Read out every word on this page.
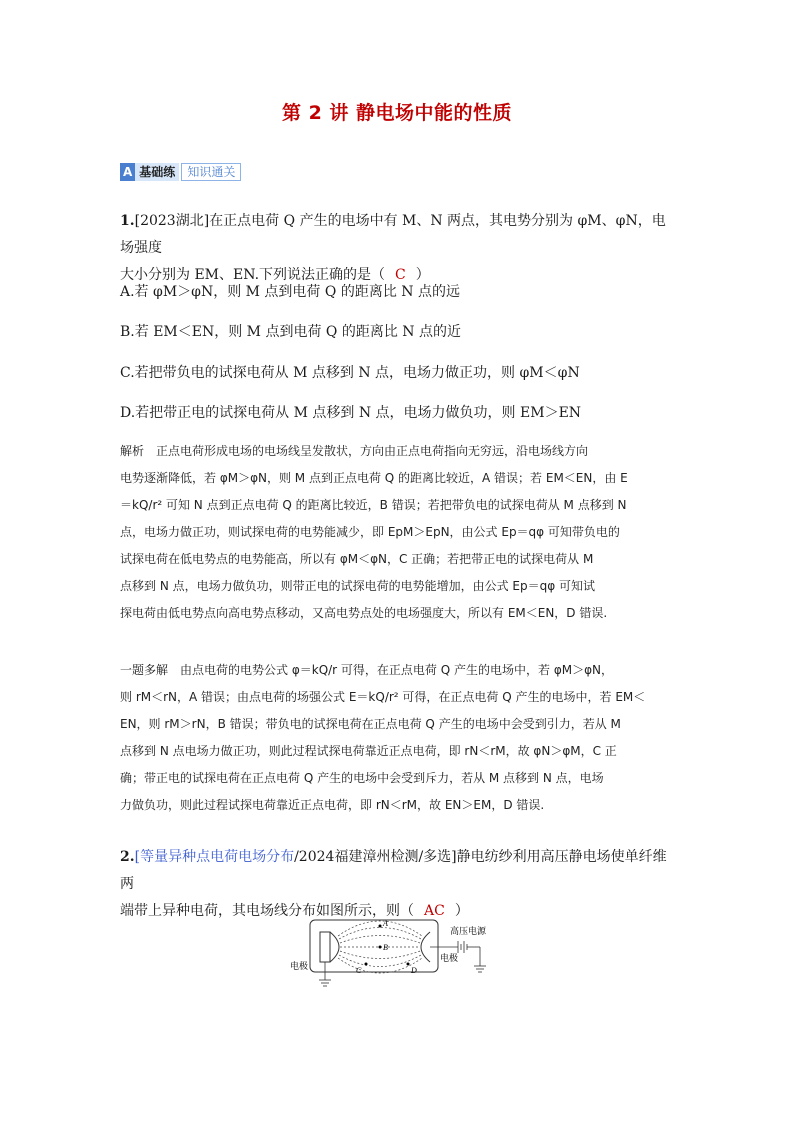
第 2 讲 静电场中能的性质
A 基础练	知识通关
1.[2023湖北]在正点电荷 Q 产生的电场中有 M、N 两点，其电势分别为 φM、φN，电场强度
大小分别为 EM、EN.下列说法正确的是（ C ）
A.若 φM＞φN，则 M 点到电荷 Q 的距离比 N 点的远
B.若 EM＜EN，则 M 点到电荷 Q 的距离比 N 点的近
C.若把带负电的试探电荷从 M 点移到 N 点，电场力做正功，则 φM＜φN
D.若把带正电的试探电荷从 M 点移到 N 点，电场力做负功，则 EM＞EN
解析 正点电荷形成电场的电场线呈发散状，方向由正点电荷指向无穷远，沿电场线方向
电势逐渐降低，若 φM＞φN，则 M 点到正点电荷 Q 的距离比较近，A 错误；若 EM＜EN，由 E
＝kQ/r² 可知 N 点到正点电荷 Q 的距离比较近，B 错误；若把带负电的试探电荷从 M 点移到 N
点，电场力做正功，则试探电荷的电势能减少，即 EpM＞EpN，由公式 Ep＝qφ 可知带负电的
试探电荷在低电势点的电势能高，所以有 φM＜φN，C 正确；若把带正电的试探电荷从 M
点移到 N 点，电场力做负功，则带正电的试探电荷的电势能增加，由公式 Ep＝qφ 可知试
探电荷由低电势点向高电势点移动，又高电势点处的电场强度大，所以有 EM＜EN，D 错误.
一题多解 由点电荷的电势公式 φ＝kQ/r 可得，在正点电荷 Q 产生的电场中，若 φM＞φN，
则 rM＜rN，A 错误；由点电荷的场强公式 E＝kQ/r² 可得，在正点电荷 Q 产生的电场中，若 EM＜
EN，则 rM＞rN，B 错误；带负电的试探电荷在正点电荷 Q 产生的电场中会受到引力，若从 M
点移到 N 点电场力做正功，则此过程试探电荷靠近正点电荷，即 rN＜rM，故 φN＞φM，C 正
确；带正电的试探电荷在正点电荷 Q 产生的电场中会受到斥力，若从 M 点移到 N 点，电场
力做负功，则此过程试探电荷靠近正点电荷，即 rN＜rM，故 EN＞EM，D 错误.
2.[等量异种点电荷电场分布/2024福建漳州检测/多选]静电纺纱利用高压静电场使单纤维两
端带上异种电荷，其电场线分布如图所示，则（ AC ）
A
B
C	D
电极
高压电源
电极
